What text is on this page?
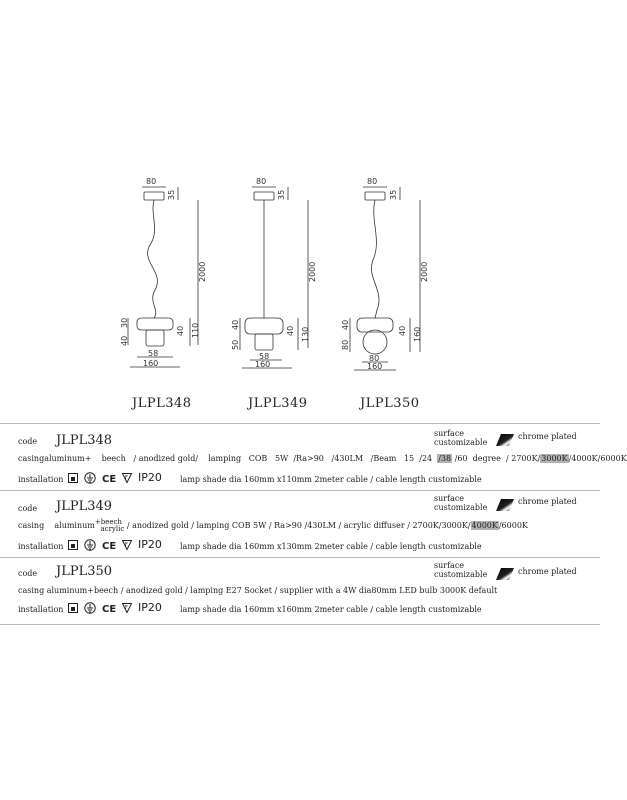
80
35
2000
30
40
40
110
58
160
80
35
2000
40
40
50
130
58
160
80
35
2000
40
40
80
160
80
160
JLPL348	JLPL349	JLPL350
code JLPL348	surface
customizable
chrome plated
casingaluminum+ beech / anodized gold/ lamping COB 5W /Ra>90 /430LM /Beam 15 /24 /38 /60 degree / 2700K/3000K/4000K/6000K
installation	CE F IP20 lamp shade dia 160mm x110mm 2meter cable / cable length customizable
code JLPL349
surface
customizable
chrome plated
casing aluminum+beech acrylic / anodized gold / lamping COB 5W / Ra>90 /430LM / acrylic diffuser / 2700K/3000K/4000K/6000K
installation	CE F IP20 lamp shade dia 160mm x130mm 2meter cable / cable length customizable
code JLPL350	surface
customizable	chrome plated
casing aluminum+beech / anodized gold / lamping E27 Socket / supplier with a 4W dia80mm LED bulb 3000K default
installation	CE F IP20 lamp shade dia 160mm x160mm 2meter cable / cable length customizable
